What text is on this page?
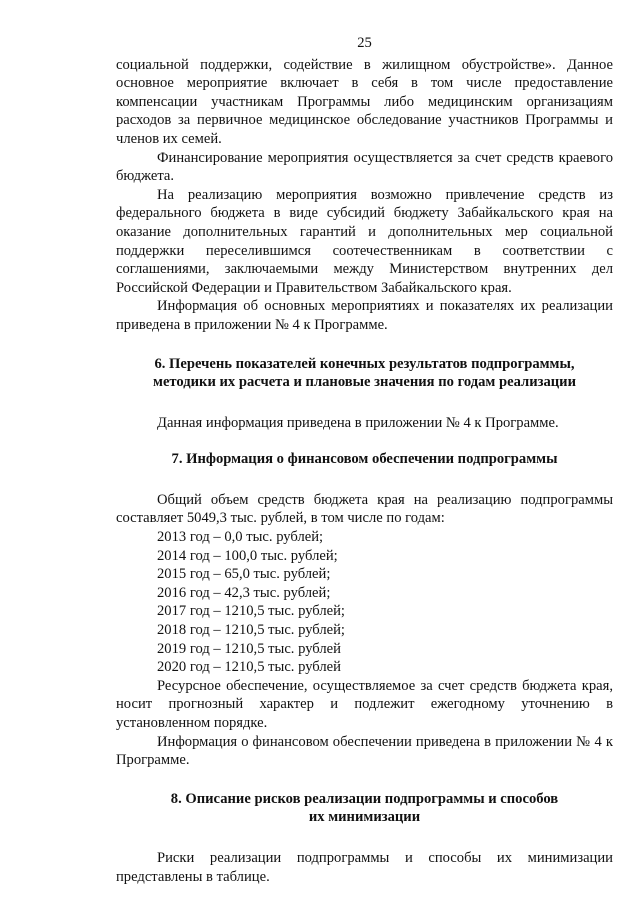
25

социальной поддержки, содействие в жилищном обустройстве». Данное основное мероприятие включает в себя в том числе предоставление компенсации участникам Программы либо медицинским организациям расходов за первичное медицинское обследование участников Программы и членов их семей.

Финансирование мероприятия осуществляется за счет средств краевого бюджета.

На реализацию мероприятия возможно привлечение средств из федерального бюджета в виде субсидий бюджету Забайкальского края на оказание дополнительных гарантий и дополнительных мер социальной поддержки переселившимся соотечественникам в соответствии с соглашениями, заключаемыми между Министерством внутренних дел Российской Федерации и Правительством Забайкальского края.

Информация об основных мероприятиях и показателях их реализации приведена в приложении № 4 к Программе.

6. Перечень показателей конечных результатов подпрограммы,
методики их расчета и плановые значения по годам реализации

Данная информация приведена в приложении № 4 к Программе.

7. Информация о финансовом обеспечении подпрограммы

Общий объем средств бюджета края на реализацию подпрограммы составляет 5049,3 тыс. рублей, в том числе по годам:

2013 год – 0,0 тыс. рублей;
2014 год – 100,0 тыс. рублей;
2015 год – 65,0 тыс. рублей;
2016 год – 42,3 тыс. рублей;
2017 год – 1210,5 тыс. рублей;
2018 год – 1210,5 тыс. рублей;
2019 год – 1210,5 тыс. рублей
2020 год – 1210,5 тыс. рублей

Ресурсное обеспечение, осуществляемое за счет средств бюджета края, носит прогнозный характер и подлежит ежегодному уточнению в установленном порядке.

Информация о финансовом обеспечении приведена в приложении № 4 к Программе.

8. Описание рисков реализации подпрограммы и способов
их минимизации

Риски реализации подпрограммы и способы их минимизации представлены в таблице.
